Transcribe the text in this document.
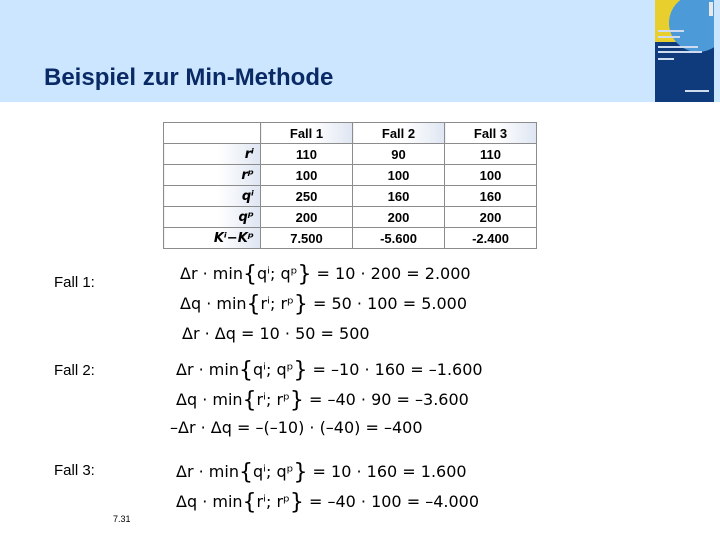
Beispiel zur Min-Methode
	Fall 1	Fall 2	Fall 3
rⁱ	110	90	110
rᵖ	100	100	100
qⁱ	250	160	160
qᵖ	200	200	200
Kⁱ−Kᵖ	7.500	-5.600	-2.400
Fall 1:	Δr · min{qⁱ; qᵖ} = 10 · 200 = 2.000
Δq · min{rⁱ; rᵖ} = 50 · 100 = 5.000
Δr · Δq = 10 · 50 = 500
Fall 2:	Δr · min{qⁱ; qᵖ} = –10 · 160 = –1.600
Δq · min{rⁱ; rᵖ} = –40 · 90 = –3.600
–Δr · Δq = –(–10) · (–40) = –400
Fall 3:	Δr · min{qⁱ; qᵖ} = 10 · 160 = 1.600
Δq · min{rⁱ; rᵖ} = –40 · 100 = –4.000
7.31
